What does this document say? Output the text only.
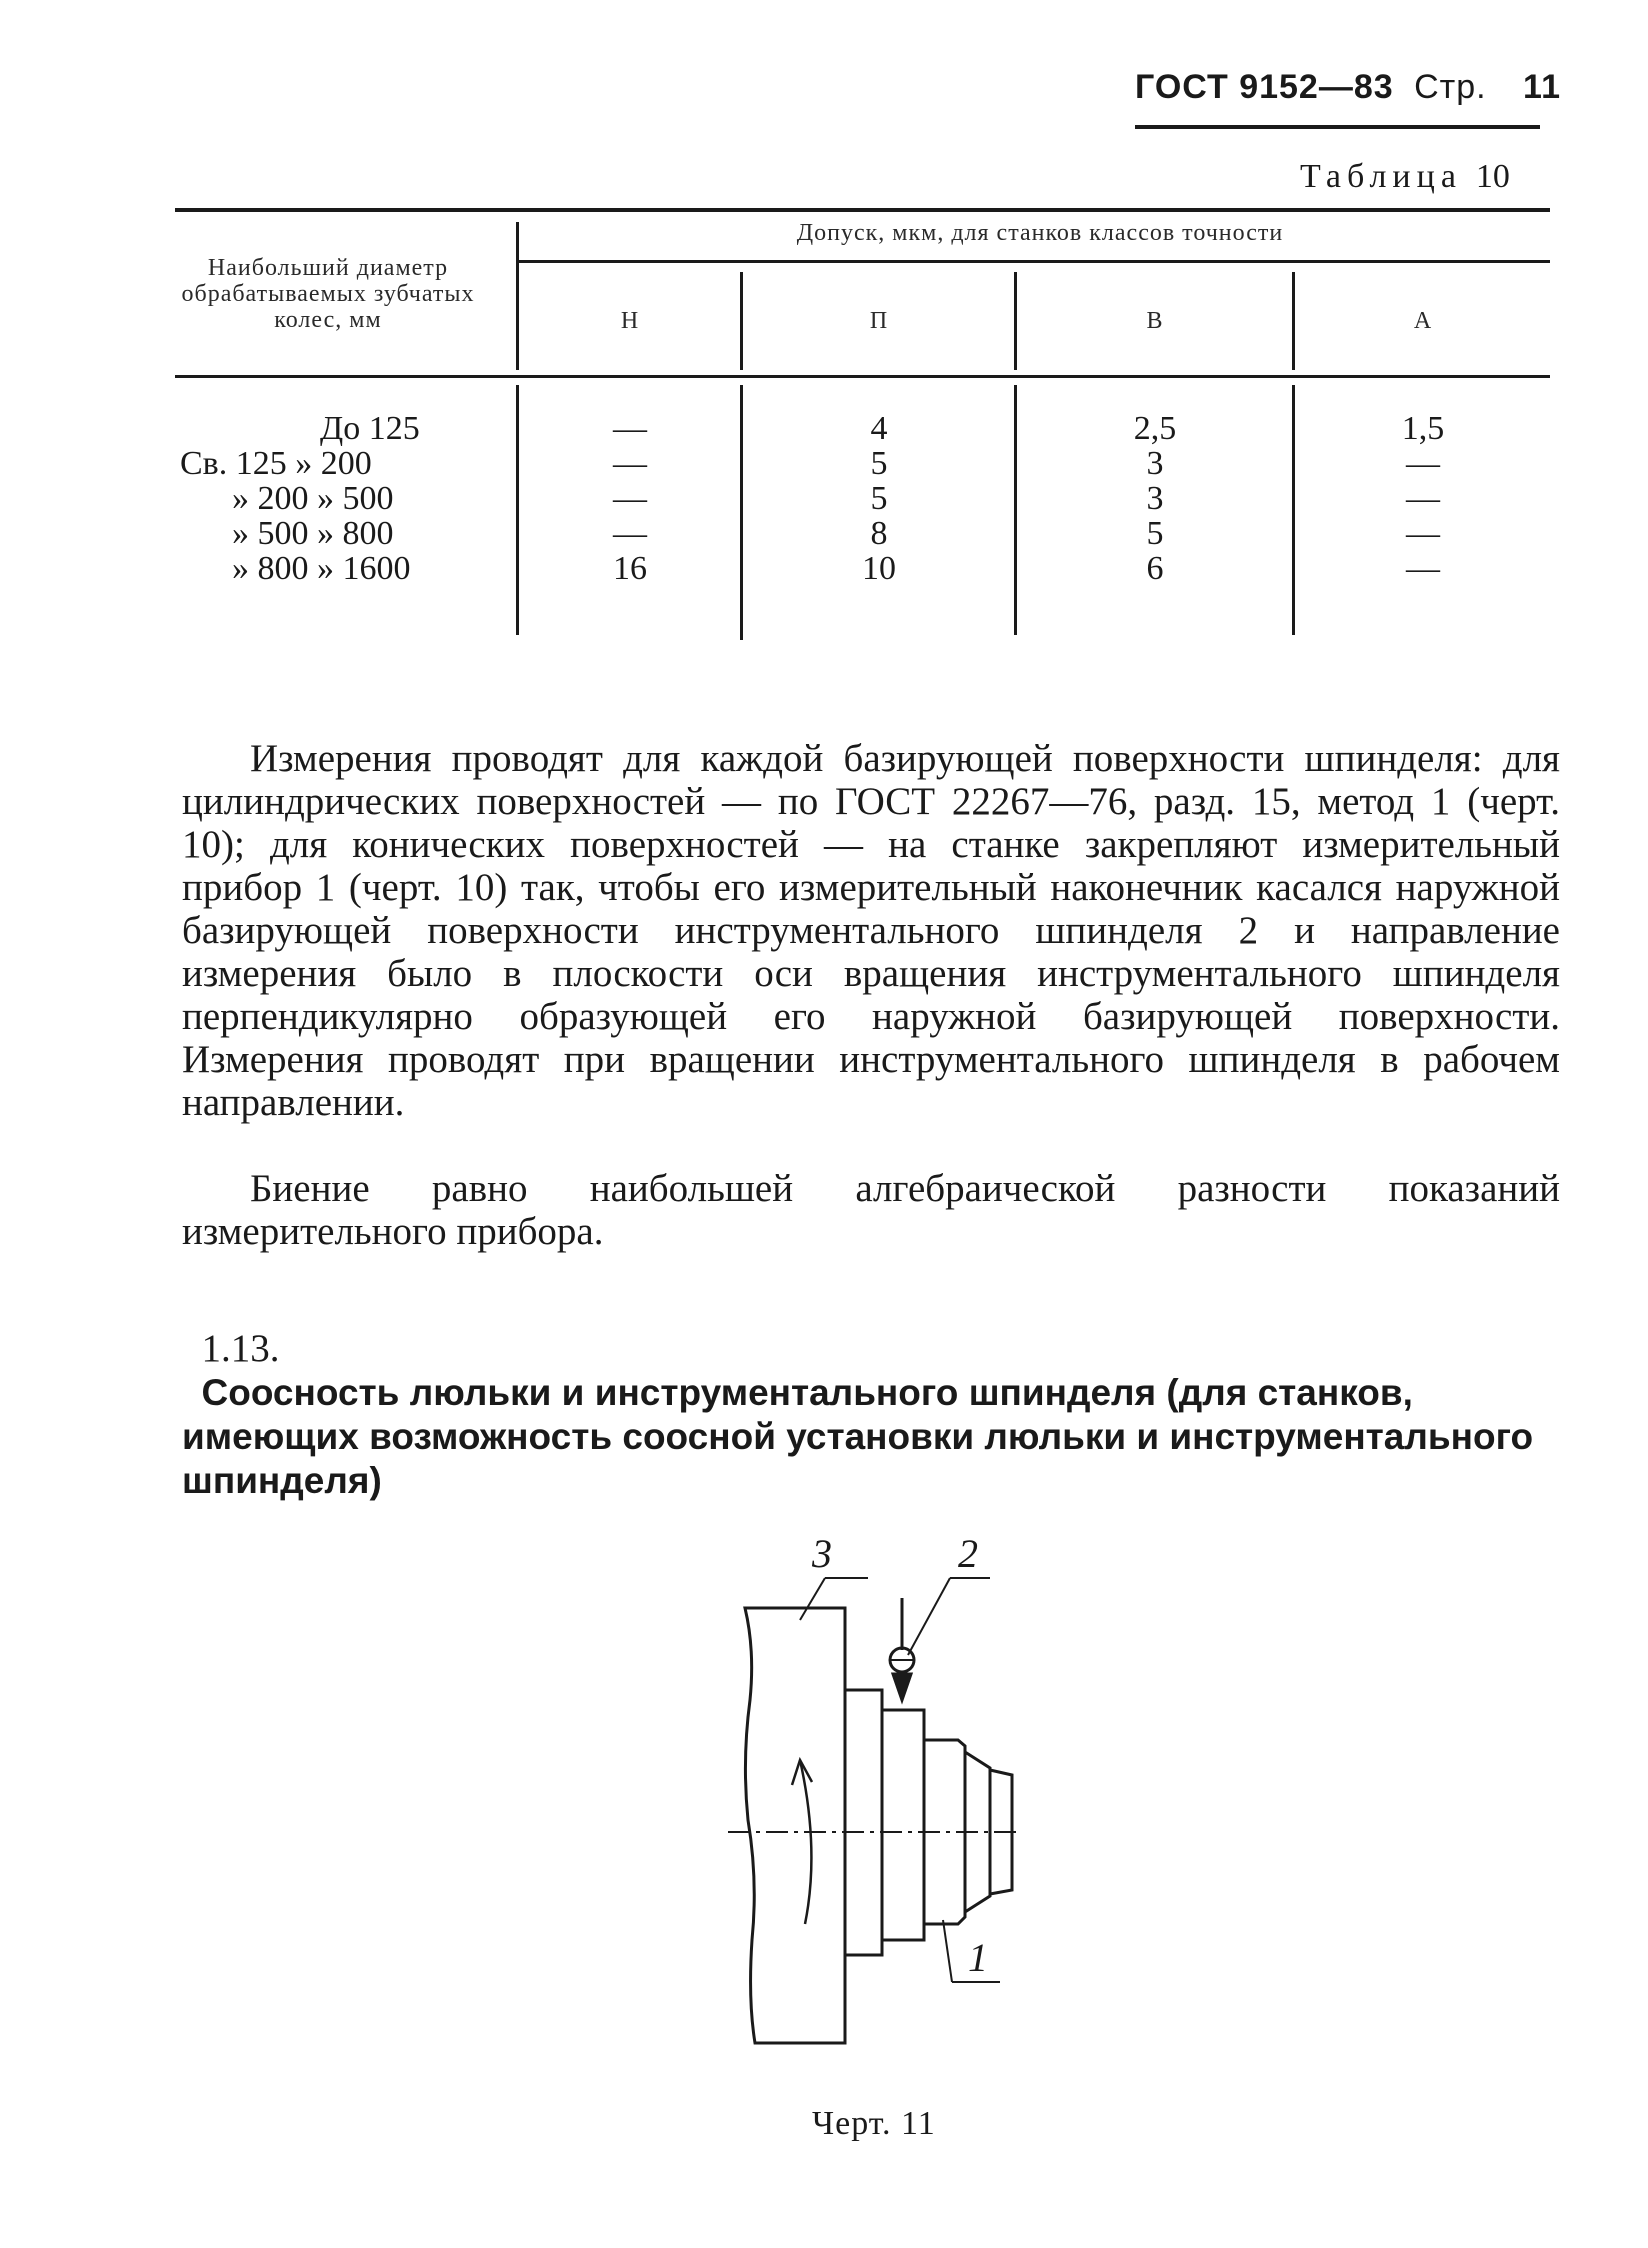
ГОСТ 9152—83 Стр. 11
Таблица 10
Наибольший диаметр обрабатываемых зубчатых колес, мм
Допуск, мкм, для станков классов точности
Н	П	В	А
До 125	—	4	2,5	1,5
Св. 125 » 200	—	5	3	—
» 200 » 500	—	5	3	—
» 500 » 800	—	8	5	—
» 800 » 1600	16	10	6	—
Измерения проводят для каждой базирующей поверхности шпинделя: для цилиндрических поверхностей — по ГОСТ 22267—76, разд. 15, метод 1 (черт. 10); для конических поверхностей — на станке закрепляют измерительный прибор 1 (черт. 10) так, чтобы его измерительный наконечник касался наружной базирующей поверхности инструментального шпинделя 2 и направление измерения было в плоскости оси вращения инструментального шпинделя перпендикулярно образующей его наружной базирующей поверхности. Измерения проводят при вращении инструментального шпинделя в рабочем направлении.
Биение равно наибольшей алгебраической разности показаний измерительного прибора.

1.13.
Соосность люльки и инструментального шпинделя (для станков, имеющих возможность соосной установки люльки и инструментального шпинделя)

3	2
1
Черт. 11
